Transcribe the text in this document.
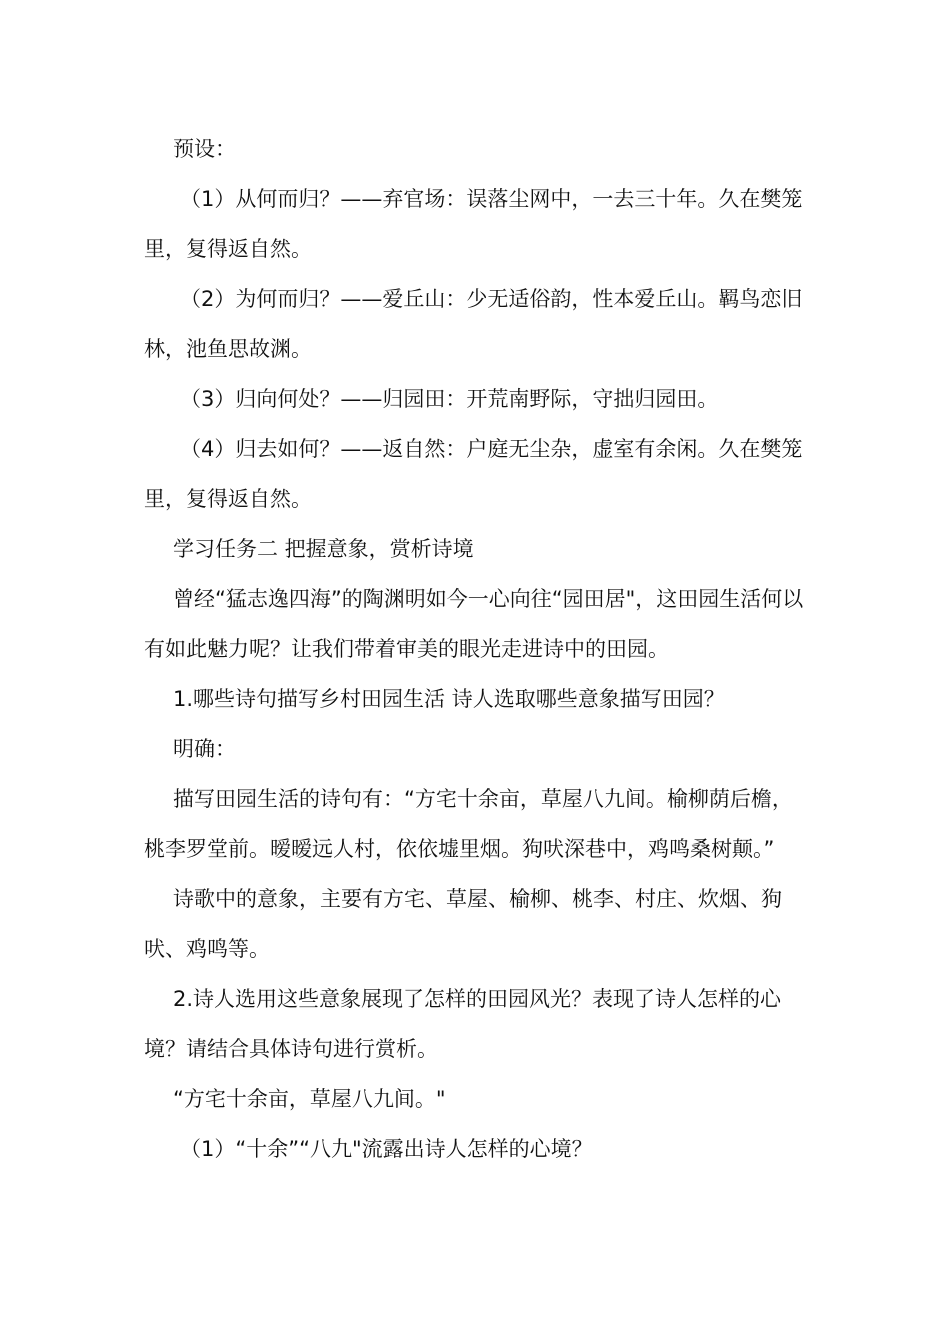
预设：

（1）从何而归？——弃官场：误落尘网中，一去三十年。久在樊笼里，复得返自然。

（2）为何而归？——爱丘山：少无适俗韵，性本爱丘山。羁鸟恋旧林，池鱼思故渊。

（3）归向何处？——归园田：开荒南野际，守拙归园田。

（4）归去如何？——返自然：户庭无尘杂，虚室有余闲。久在樊笼里，复得返自然。

学习任务二 把握意象，赏析诗境

曾经“猛志逸四海”的陶渊明如今一心向往“园田居"，这田园生活何以有如此魅力呢？让我们带着审美的眼光走进诗中的田园。

1.哪些诗句描写乡村田园生活 诗人选取哪些意象描写田园？

明确：

描写田园生活的诗句有：“方宅十余亩，草屋八九间。榆柳荫后檐，桃李罗堂前。暧暧远人村，依依墟里烟。狗吠深巷中，鸡鸣桑树颠。”

诗歌中的意象，主要有方宅、草屋、榆柳、桃李、村庄、炊烟、狗吠、鸡鸣等。

2.诗人选用这些意象展现了怎样的田园风光？表现了诗人怎样的心境？请结合具体诗句进行赏析。

“方宅十余亩，草屋八九间。"

（1）“十余”“八九"流露出诗人怎样的心境？
